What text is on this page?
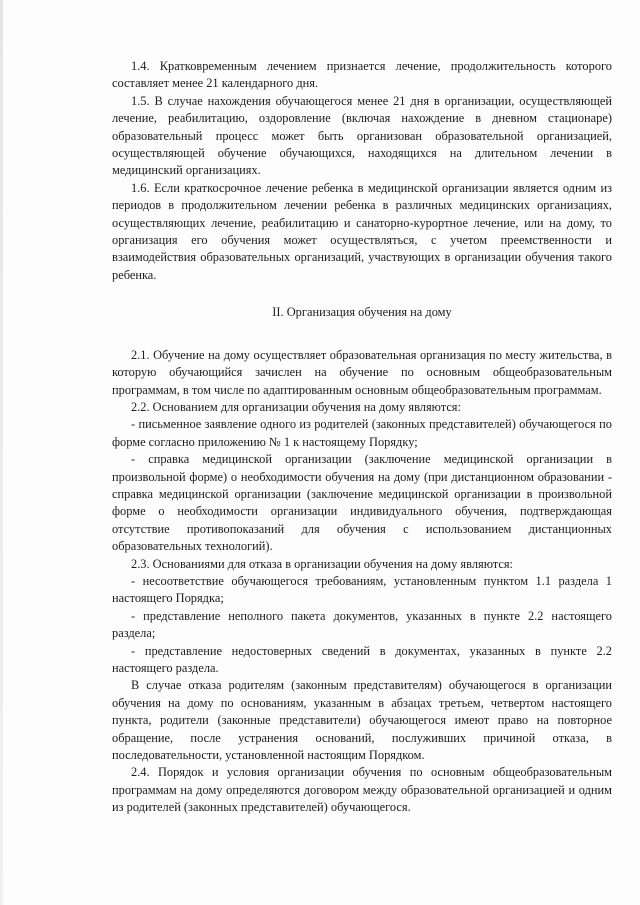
1.4. Кратковременным лечением признается лечение, продолжительность которого составляет менее 21 календарного дня.

1.5. В случае нахождения обучающегося менее 21 дня в организации, осуществляющей лечение, реабилитацию, оздоровление (включая нахождение в дневном стационаре) образовательный процесс может быть организован образовательной организацией, осуществляющей обучение обучающихся, находящихся на длительном лечении в медицинский организациях.

1.6. Если краткосрочное лечение ребенка в медицинской организации является одним из периодов в продолжительном лечении ребенка в различных медицинских организациях, осуществляющих лечение, реабилитацию и санаторно-курортное лечение, или на дому, то организация его обучения может осуществляться, с учетом преемственности и взаимодействия образовательных организаций, участвующих в организации обучения такого ребенка.

II. Организация обучения на дому

2.1. Обучение на дому осуществляет образовательная организация по месту жительства, в которую обучающийся зачислен на обучение по основным общеобразовательным программам, в том числе по адаптированным основным общеобразовательным программам.

2.2. Основанием для организации обучения на дому являются:

- письменное заявление одного из родителей (законных представителей) обучающегося по форме согласно приложению № 1 к настоящему Порядку;

- справка медицинской организации (заключение медицинской организации в произвольной форме) о необходимости обучения на дому (при дистанционном образовании - справка медицинской организации (заключение медицинской организации в произвольной форме о необходимости организации индивидуального обучения, подтверждающая отсутствие противопоказаний для обучения с использованием дистанционных образовательных технологий).

2.3. Основаниями для отказа в организации обучения на дому являются:

- несоответствие обучающегося требованиям, установленным пунктом 1.1 раздела 1 настоящего Порядка;

- представление неполного пакета документов, указанных в пункте 2.2 настоящего раздела;

- представление недостоверных сведений в документах, указанных в пункте 2.2 настоящего раздела.

В случае отказа родителям (законным представителям) обучающегося в организации обучения на дому по основаниям, указанным в абзацах третьем, четвертом настоящего пункта, родители (законные представители) обучающегося имеют право на повторное обращение, после устранения оснований, послуживших причиной отказа, в последовательности, установленной настоящим Порядком.

2.4. Порядок и условия организации обучения по основным общеобразовательным программам на дому определяются договором между образовательной организацией и одним из родителей (законных представителей) обучающегося.
